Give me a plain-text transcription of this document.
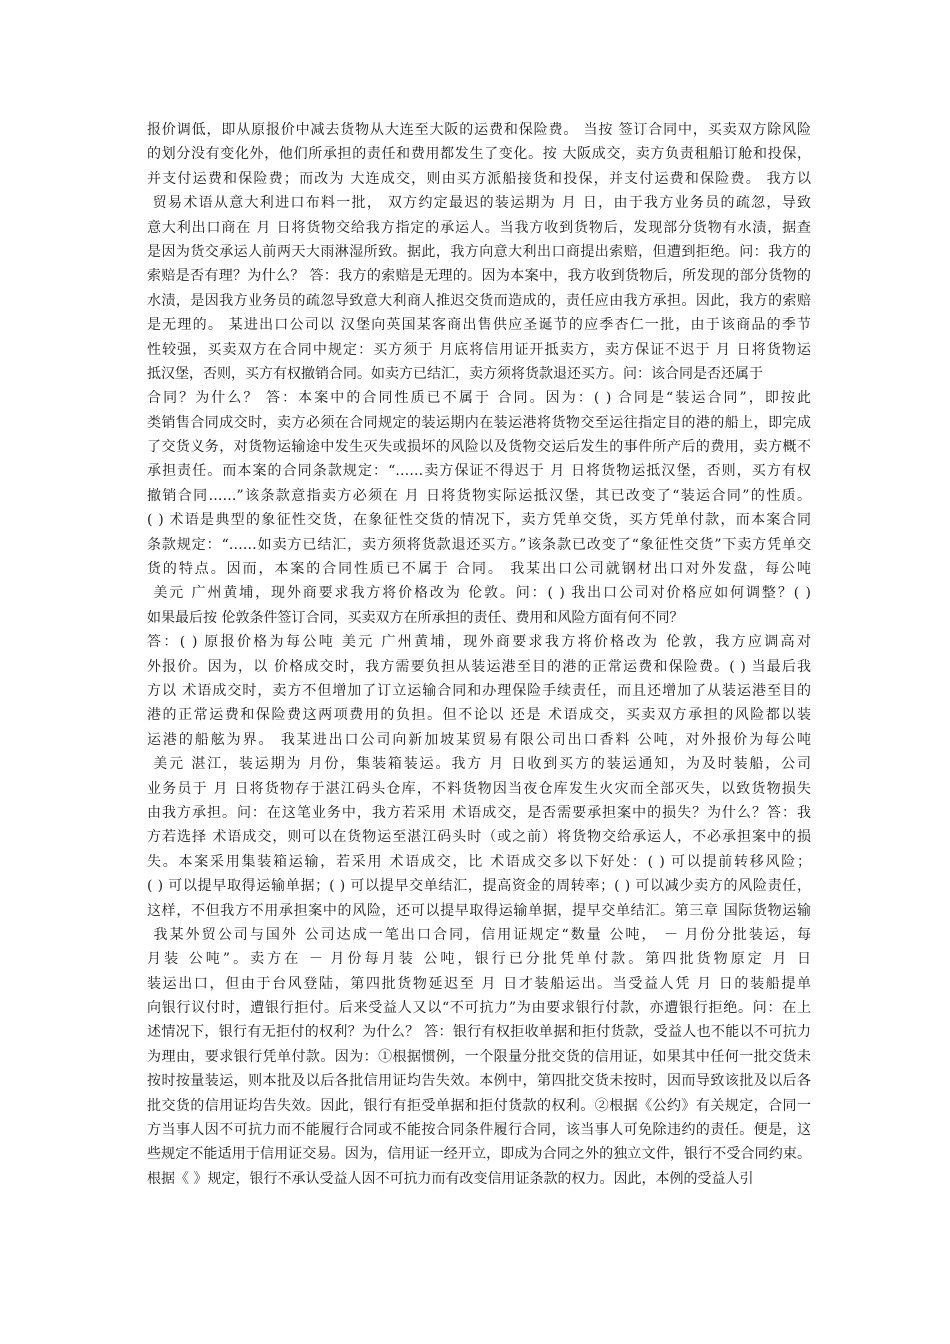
报价调低，即从原报价中减去货物从大连至大阪的运费和保险费。 当按 签订合同中，买卖双方除风险
的划分没有变化外，他们所承担的责任和费用都发生了变化。按 大阪成交，卖方负责租船订舱和投保，
并支付运费和保险费；而改为 大连成交，则由买方派船接货和投保，并支付运费和保险费。 我方以
贸易术语从意大利进口布料一批， 双方约定最迟的装运期为 月 日，由于我方业务员的疏忽，导致
意大利出口商在 月 日将货物交给我方指定的承运人。当我方收到货物后，发现部分货物有水渍，据查
是因为货交承运人前两天大雨淋湿所致。据此，我方向意大利出口商提出索赔，但遭到拒绝。问：我方的
索赔是否有理？为什么？ 答：我方的索赔是无理的。因为本案中，我方收到货物后，所发现的部分货物的
水渍，是因我方业务员的疏忽导致意大利商人推迟交货而造成的，责任应由我方承担。因此，我方的索赔
是无理的。 某进出口公司以 汉堡向英国某客商出售供应圣诞节的应季杏仁一批，由于该商品的季节
性较强，买卖双方在合同中规定：买方须于 月底将信用证开抵卖方，卖方保证不迟于 月 日将货物运
抵汉堡，否则，买方有权撤销合同。如卖方已结汇，卖方须将货款退还买方。问：该合同是否还属于
合同？为什么？ 答：本案中的合同性质已不属于 合同。因为：( ) 合同是“装运合同”，即按此
类销售合同成交时，卖方必须在合同规定的装运期内在装运港将货物交至运往指定目的港的船上，即完成
了交货义务，对货物运输途中发生灭失或损坏的风险以及货物交运后发生的事件所产后的费用，卖方概不
承担责任。而本案的合同条款规定：“……卖方保证不得迟于 月 日将货物运抵汉堡，否则，买方有权
撤销合同……”该条款意指卖方必须在 月 日将货物实际运抵汉堡，其已改变了“装运合同”的性质。
( ) 术语是典型的象征性交货，在象征性交货的情况下，卖方凭单交货，买方凭单付款，而本案合同
条款规定：“……如卖方已结汇，卖方须将货款退还买方。”该条款已改变了“象征性交货”下卖方凭单交
货的特点。因而，本案的合同性质已不属于 合同。 我某出口公司就钢材出口对外发盘，每公吨
美元 广州黄埔，现外商要求我方将价格改为 伦敦。问：( ) 我出口公司对价格应如何调整？( )
如果最后按 伦敦条件签订合同，买卖双方在所承担的责任、费用和风险方面有何不同？
答：( ) 原报价格为每公吨 美元 广州黄埔，现外商要求我方将价格改为 伦敦，我方应调高对
外报价。因为，以 价格成交时，我方需要负担从装运港至目的港的正常运费和保险费。( ) 当最后我
方以 术语成交时，卖方不但增加了订立运输合同和办理保险手续责任，而且还增加了从装运港至目的
港的正常运费和保险费这两项费用的负担。但不论以 还是 术语成交，买卖双方承担的风险都以装
运港的船舷为界。 我某进出口公司向新加坡某贸易有限公司出口香料 公吨，对外报价为每公吨
美元 湛江，装运期为 月份，集装箱装运。我方 月 日收到买方的装运通知，为及时装船，公司
业务员于 月 日将货物存于湛江码头仓库，不料货物因当夜仓库发生火灾而全部灭失，以致货物损失
由我方承担。问：在这笔业务中，我方若采用 术语成交，是否需要承担案中的损失？为什么？答：我
方若选择 术语成交，则可以在货物运至湛江码头时（或之前）将货物交给承运人，不必承担案中的损
失。本案采用集装箱运输，若采用 术语成交，比 术语成交多以下好处：( ) 可以提前转移风险；
( ) 可以提早取得运输单据；( ) 可以提早交单结汇，提高资金的周转率；( ) 可以减少卖方的风险责任，
这样，不但我方不用承担案中的风险，还可以提早取得运输单据，提早交单结汇。第三章 国际货物运输
我某外贸公司与国外 公司达成一笔出口合同，信用证规定“数量 公吨， － 月份分批装运，每
月装 公吨”。卖方在 － 月份每月装 公吨，银行已分批凭单付款。第四批货物原定 月 日
装运出口，但由于台风登陆，第四批货物延迟至 月 日才装船运出。当受益人凭 月 日的装船提单
向银行议付时，遭银行拒付。后来受益人又以“不可抗力”为由要求银行付款，亦遭银行拒绝。问：在上
述情况下，银行有无拒付的权利？为什么？ 答：银行有权拒收单据和拒付货款，受益人也不能以不可抗力
为理由，要求银行凭单付款。因为：①根据惯例，一个限量分批交货的信用证，如果其中任何一批交货未
按时按量装运，则本批及以后各批信用证均告失效。本例中，第四批交货未按时，因而导致该批及以后各
批交货的信用证均告失效。因此，银行有拒受单据和拒付货款的权利。②根据《公约》有关规定，合同一
方当事人因不可抗力而不能履行合同或不能按合同条件履行合同，该当事人可免除违约的责任。便是，这
些规定不能适用于信用证交易。因为，信用证一经开立，即成为合同之外的独立文件，银行不受合同约束。
根据《 》规定，银行不承认受益人因不可抗力而有改变信用证条款的权力。因此，本例的受益人引
